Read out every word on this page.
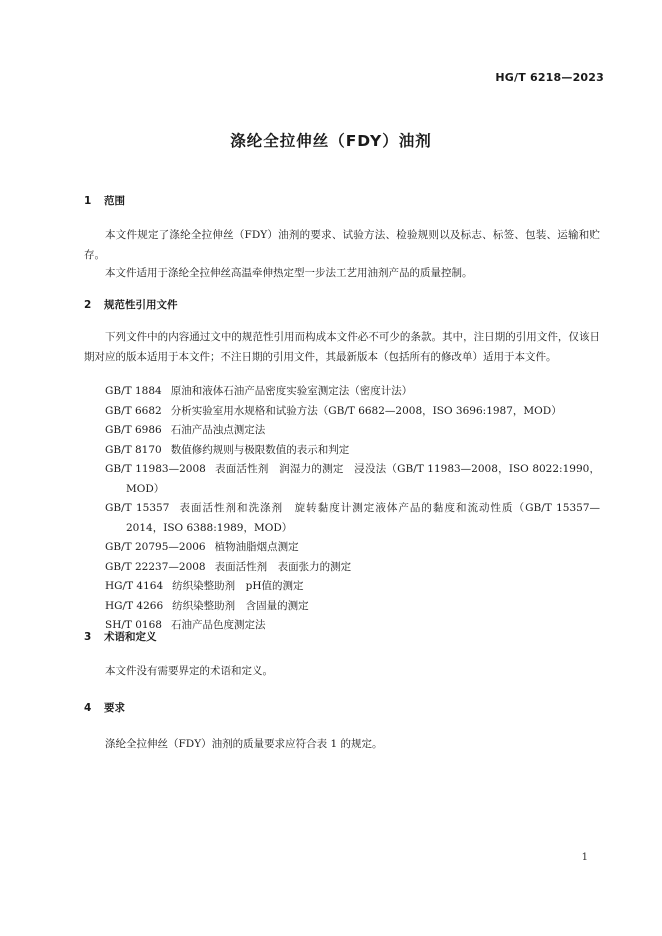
HG/T 6218—2023
涤纶全拉伸丝（FDY）油剂
1 范围
本文件规定了涤纶全拉伸丝（FDY）油剂的要求、试验方法、检验规则以及标志、标签、包装、运输和贮存。
本文件适用于涤纶全拉伸丝高温牵伸热定型一步法工艺用油剂产品的质量控制。
2 规范性引用文件
下列文件中的内容通过文中的规范性引用而构成本文件必不可少的条款。其中，注日期的引用文件，仅该日期对应的版本适用于本文件；不注日期的引用文件，其最新版本（包括所有的修改单）适用于本文件。
GB/T 1884 原油和液体石油产品密度实验室测定法（密度计法）
GB/T 6682 分析实验室用水规格和试验方法（GB/T 6682—2008，ISO 3696:1987，MOD）
GB/T 6986 石油产品浊点测定法
GB/T 8170 数值修约规则与极限数值的表示和判定
GB/T 11983—2008 表面活性剂　润湿力的测定　浸没法（GB/T 11983—2008，ISO 8022:1990，MOD）
GB/T 15357 表面活性剂和洗涤剂　旋转黏度计测定液体产品的黏度和流动性质（GB/T 15357—2014，ISO 6388:1989，MOD）
GB/T 20795—2006 植物油脂烟点测定
GB/T 22237—2008 表面活性剂　表面张力的测定
HG/T 4164 纺织染整助剂　pH值的测定
HG/T 4266 纺织染整助剂　含固量的测定
SH/T 0168 石油产品色度测定法
3 术语和定义
本文件没有需要界定的术语和定义。
4 要求
涤纶全拉伸丝（FDY）油剂的质量要求应符合表 1 的规定。
1
